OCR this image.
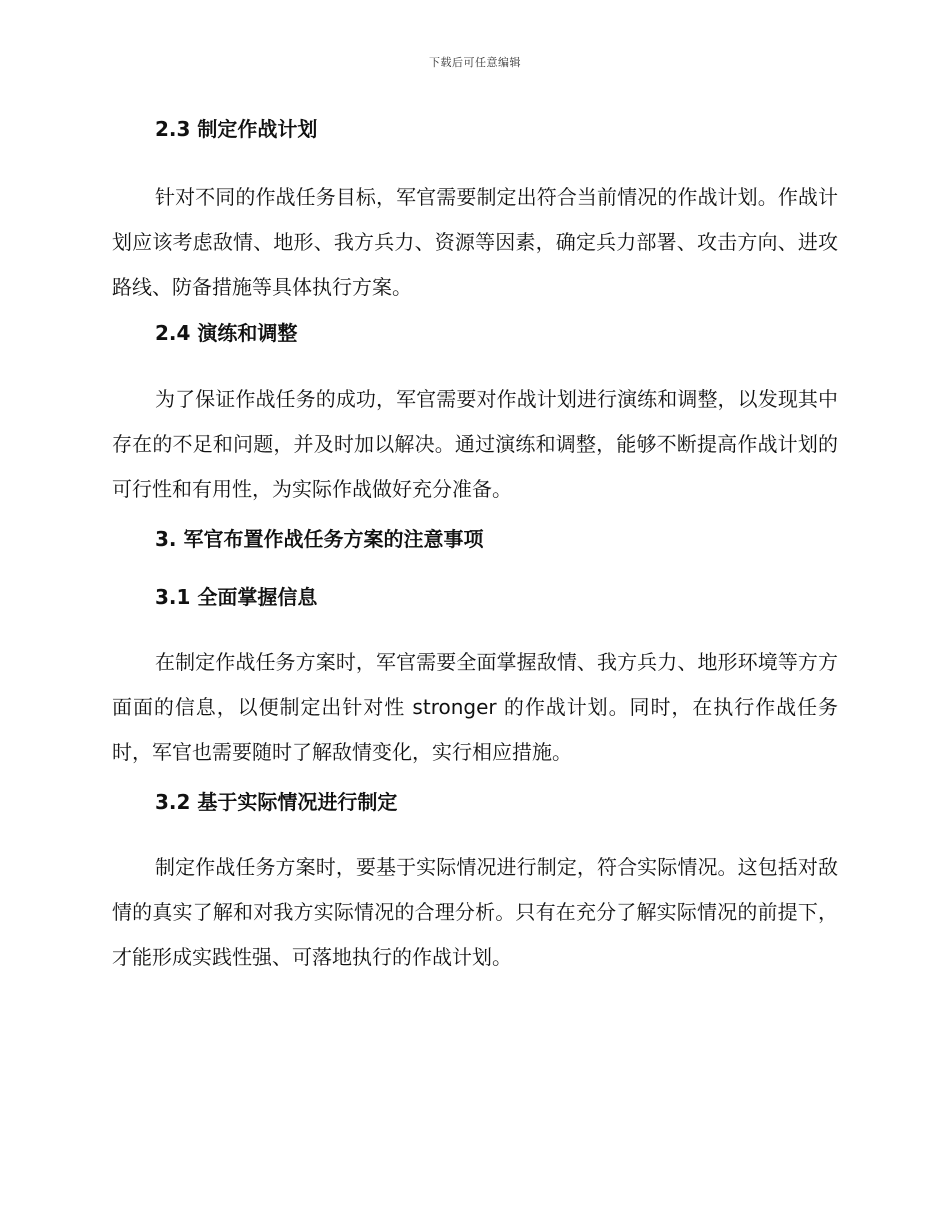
下载后可任意编辑
2.3 制定作战计划

针对不同的作战任务目标，军官需要制定出符合当前情况的作战计划。作战计划应该考虑敌情、地形、我方兵力、资源等因素，确定兵力部署、攻击方向、进攻路线、防备措施等具体执行方案。

2.4 演练和调整

为了保证作战任务的成功，军官需要对作战计划进行演练和调整，以发现其中存在的不足和问题，并及时加以解决。通过演练和调整，能够不断提高作战计划的可行性和有用性，为实际作战做好充分准备。

3. 军官布置作战任务方案的注意事项
3.1 全面掌握信息

在制定作战任务方案时，军官需要全面掌握敌情、我方兵力、地形环境等方方面面的信息，以便制定出针对性 stronger 的作战计划。同时，在执行作战任务时，军官也需要随时了解敌情变化，实行相应措施。

3.2 基于实际情况进行制定

制定作战任务方案时，要基于实际情况进行制定，符合实际情况。这包括对敌情的真实了解和对我方实际情况的合理分析。只有在充分了解实际情况的前提下，才能形成实践性强、可落地执行的作战计划。
